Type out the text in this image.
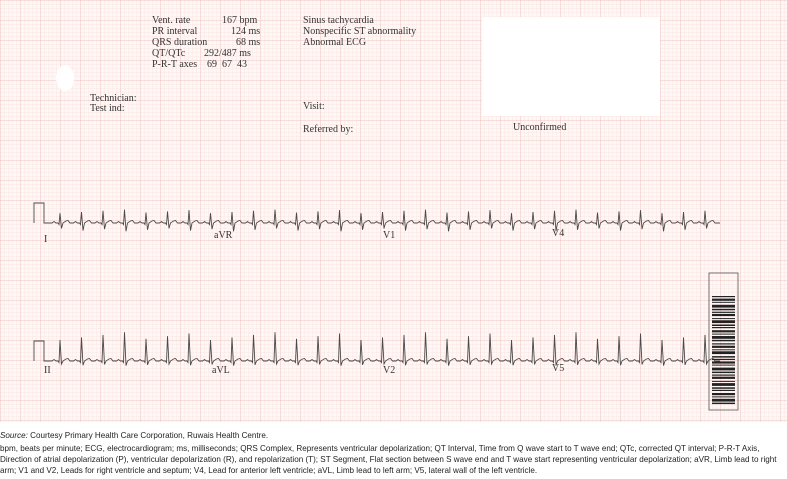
Vent. rate	167 bpm
PR interval	124 ms
QRS duration	68 ms
QT/QTc 292/487 ms
P-R-T axes 69  67  43
Sinus tachycardia
Nonspecific ST abnormality
Abnormal ECG
Technician:
Test ind:	Visit:
Referred by:	Unconfirmed
I	aVR	V1	V4
II	aVL	V2	V5

Source: Courtesy Primary Health Care Corporation, Ruwais Health Centre.

bpm, beats per minute; ECG, electrocardiogram; ms, milliseconds; QRS Complex, Represents ventricular depolarization; QT Interval, Time from Q wave start to T wave end; QTc, corrected QT interval; P-R-T Axis, Direction of atrial depolarization (P), ventricular depolarization (R), and repolarization (T); ST Segment, Flat section between S wave end and T wave start representing ventricular depolarization; aVR, Limb lead to right arm; V1 and V2, Leads for right ventricle and septum; V4, Lead for anterior left ventricle; aVL, Limb lead to left arm; V5, lateral wall of the left ventricle.
